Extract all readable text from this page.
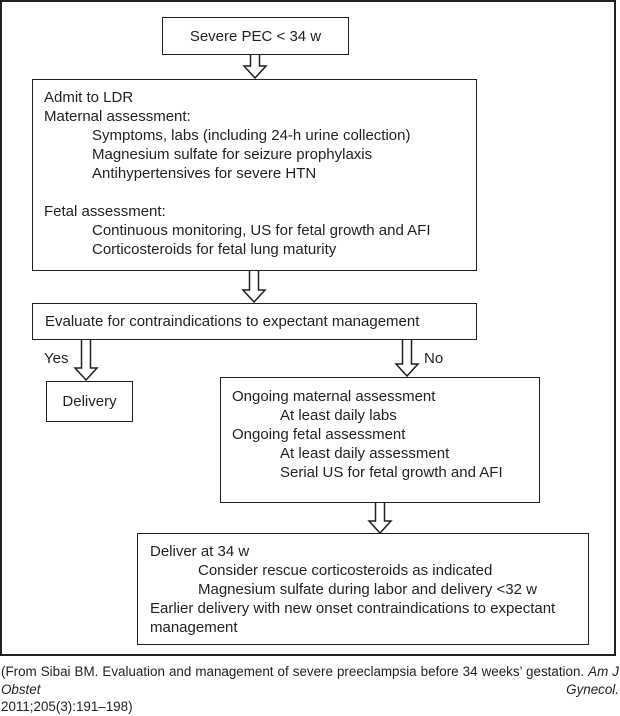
Severe PEC < 34 w
Admit to LDR
Maternal assessment:
Symptoms, labs (including 24-h urine collection)
Magnesium sulfate for seizure prophylaxis
Antihypertensives for severe HTN
Fetal assessment:
Continuous monitoring, US for fetal growth and AFI
Corticosteroids for fetal lung maturity
Evaluate for contraindications to expectant management
Yes	No
Delivery	Ongoing maternal assessment
At least daily labs
Ongoing fetal assessment
At least daily assessment
Serial US for fetal growth and AFI
Deliver at 34 w
Consider rescue corticosteroids as indicated
Magnesium sulfate during labor and delivery <32 w
Earlier delivery with new onset contraindications to expectant management
(From Sibai BM. Evaluation and management of severe preeclampsia before 34 weeks’ gestation. Am J Obstet Gynecol.
2011;205(3):191–198)
